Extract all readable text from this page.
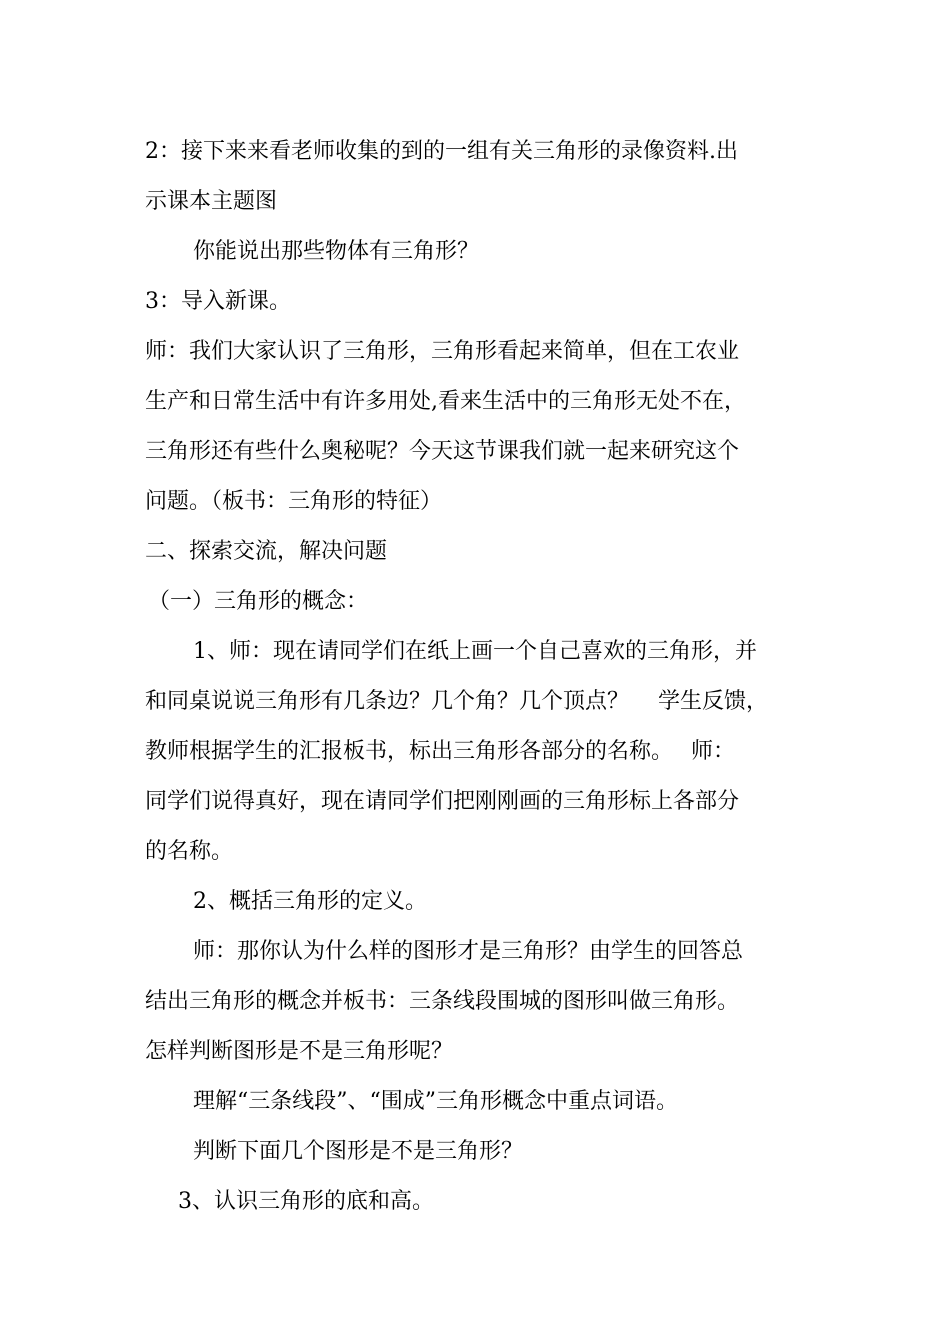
2：接下来来看老师收集的到的一组有关三角形的录像资料.出
示课本主题图
你能说出那些物体有三角形？
3：导入新课。
师：我们大家认识了三角形，三角形看起来简单，但在工农业
生产和日常生活中有许多用处,看来生活中的三角形无处不在，
三角形还有些什么奥秘呢？今天这节课我们就一起来研究这个
问题。（板书：三角形的特征）
二、探索交流，解决问题
（一）三角形的概念：
1、师：现在请同学们在纸上画一个自己喜欢的三角形，并
和同桌说说三角形有几条边？几个角？几个顶点？　 学生反馈，
教师根据学生的汇报板书，标出三角形各部分的名称。　 师：
同学们说得真好，现在请同学们把刚刚画的三角形标上各部分
的名称。
2、概括三角形的定义。
师：那你认为什么样的图形才是三角形？由学生的回答总
结出三角形的概念并板书：三条线段围城的图形叫做三角形。
怎样判断图形是不是三角形呢？
理解“三条线段”、“围成”三角形概念中重点词语。
判断下面几个图形是不是三角形？
3、认识三角形的底和高。
